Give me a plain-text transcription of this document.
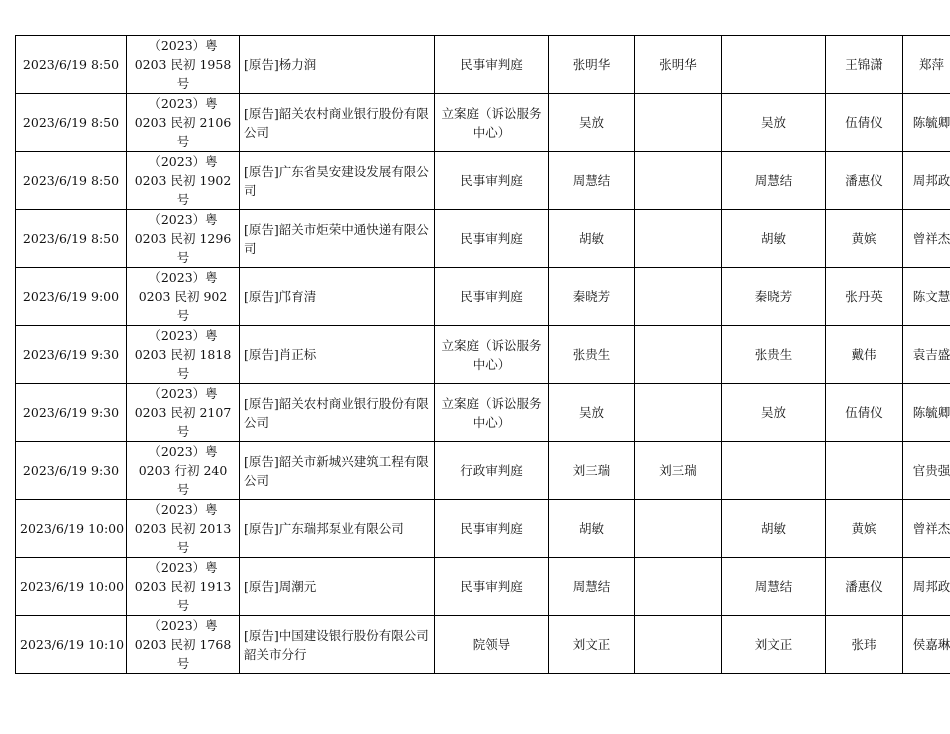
2023/6/19 8:50	（2023）粤 0203 民初 1958 号	[原告]杨力润	民事审判庭	张明华	张明华		王锦潇	郑萍

2023/6/19 8:50	（2023）粤 0203 民初 2106 号	[原告]韶关农村商业银行股份有限公司	立案庭（诉讼服务中心）	吴放		吴放	伍倩仪	陈毓卿

2023/6/19 8:50	（2023）粤 0203 民初 1902 号	[原告]广东省昊安建设发展有限公司	民事审判庭	周慧结		周慧结	潘惠仪	周邦政

2023/6/19 8:50	（2023）粤 0203 民初 1296 号	[原告]韶关市炬荣中通快递有限公司	民事审判庭	胡敏		胡敏	黄嫔	曾祥杰

2023/6/19 9:00	（2023）粤 0203 民初 902 号	[原告]邝育清	民事审判庭	秦晓芳		秦晓芳	张丹英	陈文慧

2023/6/19 9:30	（2023）粤 0203 民初 1818 号	[原告]肖正标	立案庭（诉讼服务中心）	张贵生		张贵生	戴伟	袁吉盛

2023/6/19 9:30	（2023）粤 0203 民初 2107 号	[原告]韶关农村商业银行股份有限公司	立案庭（诉讼服务中心）	吴放		吴放	伍倩仪	陈毓卿

2023/6/19 9:30	（2023）粤 0203 行初 240 号	[原告]韶关市新城兴建筑工程有限公司	行政审判庭	刘三瑞	刘三瑞			官贵强

2023/6/19 10:00	（2023）粤 0203 民初 2013 号	[原告]广东瑞邦泵业有限公司	民事审判庭	胡敏		胡敏	黄嫔	曾祥杰

2023/6/19 10:00	（2023）粤 0203 民初 1913 号	[原告]周潮元	民事审判庭	周慧结		周慧结	潘惠仪	周邦政

2023/6/19 10:10	（2023）粤 0203 民初 1768 号	[原告]中国建设银行股份有限公司韶关市分行	院领导	刘文正		刘文正	张玮	侯嘉琳
